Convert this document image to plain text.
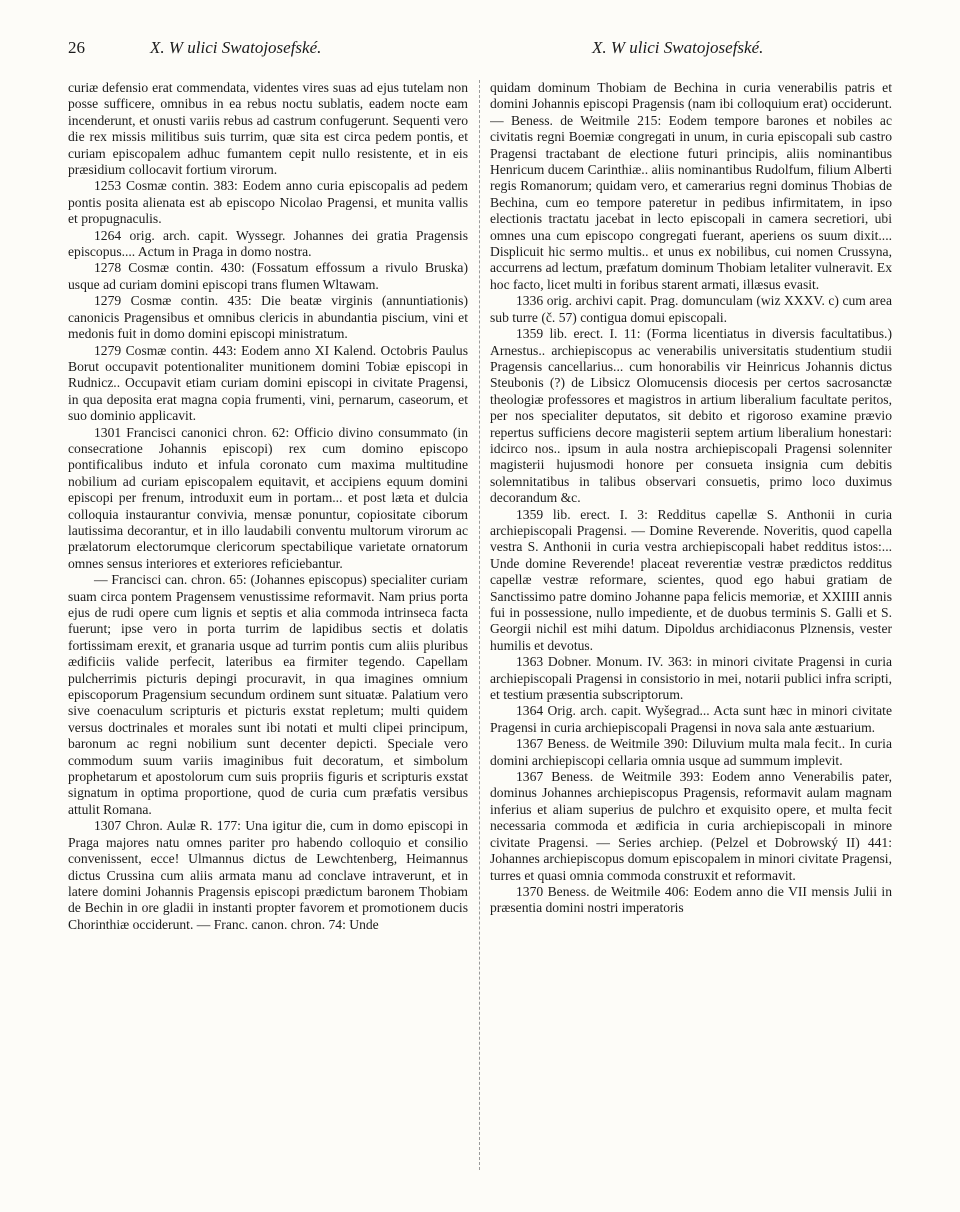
26	X. W ulici Swatojosefské.	X. W ulici Swatojosefské.

curiæ defensio erat commendata, videntes vires suas ad ejus tutelam non posse sufficere, omnibus in ea rebus noctu sublatis, eadem nocte eam incenderunt, et onusti variis rebus ad castrum confugerunt. Sequenti vero die rex missis militibus suis turrim, quæ sita est circa pedem pontis, et curiam episcopalem adhuc fumantem cepit nullo resistente, et in eis præsidium collocavit fortium virorum.

1253 Cosmæ contin. 383: Eodem anno curia episcopalis ad pedem pontis posita alienata est ab episcopo Nicolao Pragensi, et munita vallis et propugnaculis.

1264 orig. arch. capit. Wyssegr. Johannes dei gratia Pragensis episcopus.... Actum in Praga in domo nostra.

1278 Cosmæ contin. 430: (Fossatum effossum a rivulo Bruska) usque ad curiam domini episcopi trans flumen Wltawam.

1279 Cosmæ contin. 435: Die beatæ virginis (annuntiationis) canonicis Pragensibus et omnibus clericis in abundantia piscium, vini et medonis fuit in domo domini episcopi ministratum.

1279 Cosmæ contin. 443: Eodem anno XI Kalend. Octobris Paulus Borut occupavit potentionaliter munitionem domini Tobiæ episcopi in Rudnicz.. Occupavit etiam curiam domini episcopi in civitate Pragensi, in qua deposita erat magna copia frumenti, vini, pernarum, caseorum, et suo dominio applicavit.

1301 Francisci canonici chron. 62: Officio divino consummato (in consecratione Johannis episcopi) rex cum domino episcopo pontificalibus induto et infula coronato cum maxima multitudine nobilium ad curiam episcopalem equitavit, et accipiens equum domini episcopi per frenum, introduxit eum in portam... et post læta et dulcia colloquia instaurantur convivia, mensæ ponuntur, copiositate ciborum lautissima decorantur, et in illo laudabili conventu multorum virorum ac prælatorum electorumque clericorum spectabilique varietate ornatorum omnes sensus interiores et exteriores reficiebantur.

— Francisci can. chron. 65: (Johannes episcopus) specialiter curiam suam circa pontem Pragensem venustissime reformavit. Nam prius porta ejus de rudi opere cum lignis et septis et alia commoda intrinseca facta fuerunt; ipse vero in porta turrim de lapidibus sectis et dolatis fortissimam erexit, et granaria usque ad turrim pontis cum aliis pluribus ædificiis valide perfecit, lateribus ea firmiter tegendo. Capellam pulcherrimis picturis depingi procuravit, in qua imagines omnium episcoporum Pragensium secundum ordinem sunt situatæ. Palatium vero sive coenaculum scripturis et picturis exstat repletum; multi quidem versus doctrinales et morales sunt ibi notati et multi clipei principum, baronum ac regni nobilium sunt decenter depicti. Speciale vero commodum suum variis imaginibus fuit decoratum, et simbolum prophetarum et apostolorum cum suis propriis figuris et scripturis exstat signatum in optima proportione, quod de curia cum præfatis versibus attulit Romana.

1307 Chron. Aulæ R. 177: Una igitur die, cum in domo episcopi in Praga majores natu omnes pariter pro habendo colloquio et consilio convenissent, ecce! Ulmannus dictus de Lewchtenberg, Heimannus dictus Crussina cum aliis armata manu ad conclave intraverunt, et in latere domini Johannis Pragensis episcopi prædictum baronem Thobiam de Bechin in ore gladii in instanti propter favorem et promotionem ducis Chorinthiæ occiderunt. — Franc. canon. chron. 74: Unde

quidam dominum Thobiam de Bechina in curia venerabilis patris et domini Johannis episcopi Pragensis (nam ibi colloquium erat) occiderunt. — Beness. de Weitmile 215: Eodem tempore barones et nobiles ac civitatis regni Boemiæ congregati in unum, in curia episcopali sub castro Pragensi tractabant de electione futuri principis, aliis nominantibus Henricum ducem Carinthiæ.. aliis nominantibus Rudolfum, filium Alberti regis Romanorum; quidam vero, et camerarius regni dominus Thobias de Bechina, cum eo tempore pateretur in pedibus infirmitatem, in ipso electionis tractatu jacebat in lecto episcopali in camera secretiori, ubi omnes una cum episcopo congregati fuerant, aperiens os suum dixit.... Displicuit hic sermo multis.. et unus ex nobilibus, cui nomen Crussyna, accurrens ad lectum, præfatum dominum Thobiam letaliter vulneravit. Ex hoc facto, licet multi in foribus starent armati, illæsus evasit.

1336 orig. archivi capit. Prag. domunculam (wiz XXXV. c) cum area sub turre (č. 57) contigua domui episcopali.

1359 lib. erect. I. 11: (Forma licentiatus in diversis facultatibus.) Arnestus.. archiepiscopus ac venerabilis universitatis studentium studii Pragensis cancellarius... cum honorabilis vir Heinricus Johannis dictus Steubonis (?) de Libsicz Olomucensis diocesis per certos sacrosanctæ theologiæ professores et magistros in artium liberalium facultate peritos, per nos specialiter deputatos, sit debito et rigoroso examine prævio repertus sufficiens decore magisterii septem artium liberalium honestari: idcirco nos.. ipsum in aula nostra archiepiscopali Pragensi solenniter magisterii hujusmodi honore per consueta insignia cum debitis solemnitatibus in talibus observari consuetis, primo loco duximus decorandum &c.

1359 lib. erect. I. 3: Redditus capellæ S. Anthonii in curia archiepiscopali Pragensi. — Domine Reverende. Noveritis, quod capella vestra S. Anthonii in curia vestra archiepiscopali habet redditus istos:... Unde domine Reverende! placeat reverentiæ vestræ prædictos redditus capellæ vestræ reformare, scientes, quod ego habui gratiam de Sanctissimo patre domino Johanne papa felicis memoriæ, et XXIIII annis fui in possessione, nullo impediente, et de duobus terminis S. Galli et S. Georgii nichil est mihi datum. Dipoldus archidiaconus Plznensis, vester humilis et devotus.

1363 Dobner. Monum. IV. 363: in minori civitate Pragensi in curia archiepiscopali Pragensi in consistorio in mei, notarii publici infra scripti, et testium præsentia subscriptorum.

1364 Orig. arch. capit. Wyšegrad... Acta sunt hæc in minori civitate Pragensi in curia archiepiscopali Pragensi in nova sala ante æstuarium.

1367 Beness. de Weitmile 390: Diluvium multa mala fecit.. In curia domini archiepiscopi cellaria omnia usque ad summum implevit.

1367 Beness. de Weitmile 393: Eodem anno Venerabilis pater, dominus Johannes archiepiscopus Pragensis, reformavit aulam magnam inferius et aliam superius de pulchro et exquisito opere, et multa fecit necessaria commoda et ædificia in curia archiepiscopali in minore civitate Pragensi. — Series archiep. (Pelzel et Dobrowský II) 441: Johannes archiepiscopus domum episcopalem in minori civitate Pragensi, turres et quasi omnia commoda construxit et reformavit.

1370 Beness. de Weitmile 406: Eodem anno die VII mensis Julii in præsentia domini nostri imperatoris
